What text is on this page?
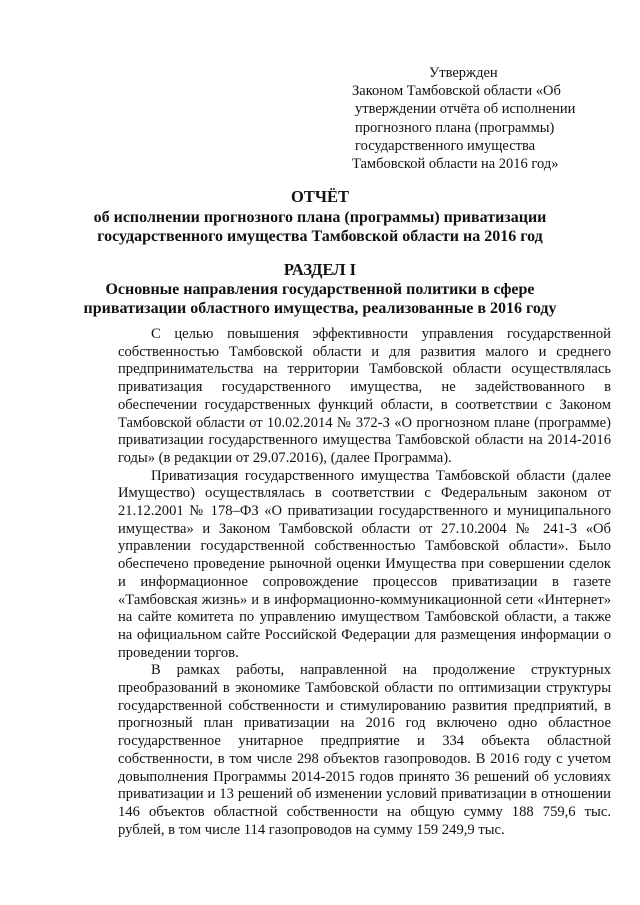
Утвержден
Законом Тамбовской области «Об
утверждении отчёта об исполнении
прогнозного плана (программы)
государственного имущества
Тамбовской области на 2016 год»
ОТЧЁТ
об исполнении прогнозного плана (программы) приватизации
государственного имущества Тамбовской области на 2016 год
РАЗДЕЛ I
Основные направления государственной политики в сфере
приватизации областного имущества, реализованные в 2016 году

С целью повышения эффективности управления государственной собственностью Тамбовской области и для развития малого и среднего предпринимательства на территории Тамбовской области осуществлялась приватизация государственного имущества, не задействованного в обеспечении государственных функций области, в соответствии с Законом Тамбовской области от 10.02.2014 № 372-З «О прогнозном плане (программе) приватизации государственного имущества Тамбовской области на 2014-2016 годы» (в редакции от 29.07.2016), (далее Программа).

Приватизация государственного имущества Тамбовской области (далее Имущество) осуществлялась в соответствии с Федеральным законом от 21.12.2001 № 178–ФЗ «О приватизации государственного и муниципального имущества» и Законом Тамбовской области от 27.10.2004 № 241-З «Об управлении государственной собственностью Тамбовской области». Было обеспечено проведение рыночной оценки Имущества при совершении сделок и информационное сопровождение процессов приватизации в газете «Тамбовская жизнь» и в информационно-коммуникационной сети «Интернет» на сайте комитета по управлению имуществом Тамбовской области, а также на официальном сайте Российской Федерации для размещения информации о проведении торгов.

В рамках работы, направленной на продолжение структурных преобразований в экономике Тамбовской области по оптимизации структуры государственной собственности и стимулированию развития предприятий, в прогнозный план приватизации на 2016 год включено одно областное государственное унитарное предприятие и 334 объекта областной собственности, в том числе 298 объектов газопроводов. В 2016 году с учетом довыполнения Программы 2014-2015 годов принято 36 решений об условиях приватизации и 13 решений об изменении условий приватизации в отношении 146 объектов областной собственности на общую сумму 188 759,6 тыс. рублей, в том числе 114 газопроводов на сумму 159 249,9 тыс.
